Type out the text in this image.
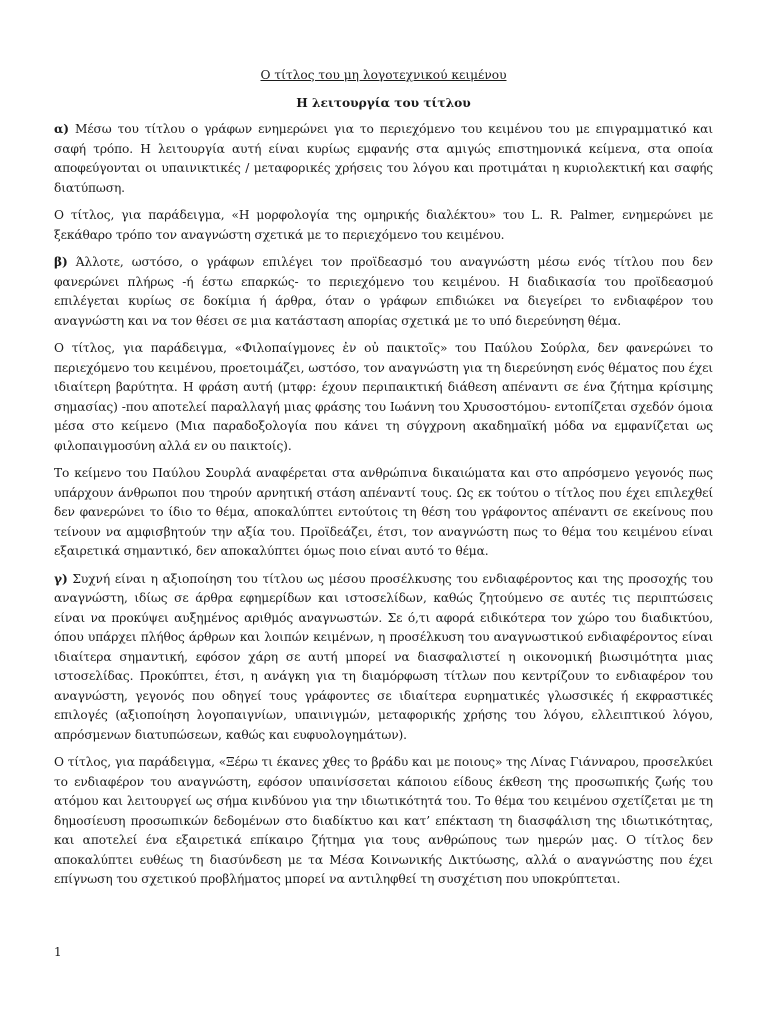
Ο τίτλος του μη λογοτεχνικού κειμένου
Η λειτουργία του τίτλου

α) Μέσω του τίτλου ο γράφων ενημερώνει για το περιεχόμενο του κειμένου του με επιγραμματικό και σαφή τρόπο. Η λειτουργία αυτή είναι κυρίως εμφανής στα αμιγώς επιστημονικά κείμενα, στα οποία αποφεύγονται οι υπαινικτικές / μεταφορικές χρήσεις του λόγου και προτιμάται η κυριολεκτική και σαφής διατύπωση.

Ο τίτλος, για παράδειγμα, «Η μορφολογία της ομηρικής διαλέκτου» του L. R. Palmer, ενημερώνει με ξεκάθαρο τρόπο τον αναγνώστη σχετικά με το περιεχόμενο του κειμένου.

β) Άλλοτε, ωστόσο, ο γράφων επιλέγει τον προϊδεασμό του αναγνώστη μέσω ενός τίτλου που δεν φανερώνει πλήρως -ή έστω επαρκώς- το περιεχόμενο του κειμένου. Η διαδικασία του προϊδεασμού επιλέγεται κυρίως σε δοκίμια ή άρθρα, όταν ο γράφων επιδιώκει να διεγείρει το ενδιαφέρον του αναγνώστη και να τον θέσει σε μια κατάσταση απορίας σχετικά με το υπό διερεύνηση θέμα.

Ο τίτλος, για παράδειγμα, «Φιλοπαίγμονες ἐν οὐ παικτοῖς» του Παύλου Σούρλα, δεν φανερώνει το περιεχόμενο του κειμένου, προετοιμάζει, ωστόσο, τον αναγνώστη για τη διερεύνηση ενός θέματος που έχει ιδιαίτερη βαρύτητα. Η φράση αυτή (μτφρ: έχουν περιπαικτική διάθεση απέναντι σε ένα ζήτημα κρίσιμης σημασίας) -που αποτελεί παραλλαγή μιας φράσης του Ιωάννη του Χρυσοστόμου- εντοπίζεται σχεδόν όμοια μέσα στο κείμενο (Μια παραδοξολογία που κάνει τη σύγχρονη ακαδημαϊκή μόδα να εμφανίζεται ως φιλοπαιγμοσύνη αλλά εν ου παικτοίς).

Το κείμενο του Παύλου Σουρλά αναφέρεται στα ανθρώπινα δικαιώματα και στο απρόσμενο γεγονός πως υπάρχουν άνθρωποι που τηρούν αρνητική στάση απέναντί τους. Ως εκ τούτου ο τίτλος που έχει επιλεχθεί δεν φανερώνει το ίδιο το θέμα, αποκαλύπτει εντούτοις τη θέση του γράφοντος απέναντι σε εκείνους που τείνουν να αμφισβητούν την αξία του. Προϊδεάζει, έτσι, τον αναγνώστη πως το θέμα του κειμένου είναι εξαιρετικά σημαντικό, δεν αποκαλύπτει όμως ποιο είναι αυτό το θέμα.

γ) Συχνή είναι η αξιοποίηση του τίτλου ως μέσου προσέλκυσης του ενδιαφέροντος και της προσοχής του αναγνώστη, ιδίως σε άρθρα εφημερίδων και ιστοσελίδων, καθώς ζητούμενο σε αυτές τις περιπτώσεις είναι να προκύψει αυξημένος αριθμός αναγνωστών. Σε ό,τι αφορά ειδικότερα τον χώρο του διαδικτύου, όπου υπάρχει πλήθος άρθρων και λοιπών κειμένων, η προσέλκυση του αναγνωστικού ενδιαφέροντος είναι ιδιαίτερα σημαντική, εφόσον χάρη σε αυτή μπορεί να διασφαλιστεί η οικονομική βιωσιμότητα μιας ιστοσελίδας. Προκύπτει, έτσι, η ανάγκη για τη διαμόρφωση τίτλων που κεντρίζουν το ενδιαφέρον του αναγνώστη, γεγονός που οδηγεί τους γράφοντες σε ιδιαίτερα ευρηματικές γλωσσικές ή εκφραστικές επιλογές (αξιοποίηση λογοπαιγνίων, υπαινιγμών, μεταφορικής χρήσης του λόγου, ελλειπτικού λόγου, απρόσμενων διατυπώσεων, καθώς και ευφυολογημάτων).

Ο τίτλος, για παράδειγμα, «Ξέρω τι έκανες χθες το βράδυ και με ποιους» της Λίνας Γιάνναρου, προσελκύει το ενδιαφέρον του αναγνώστη, εφόσον υπαινίσσεται κάποιου είδους έκθεση της προσωπικής ζωής του ατόμου και λειτουργεί ως σήμα κινδύνου για την ιδιωτικότητά του. Το θέμα του κειμένου σχετίζεται με τη δημοσίευση προσωπικών δεδομένων στο διαδίκτυο και κατ’ επέκταση τη διασφάλιση της ιδιωτικότητας, και αποτελεί ένα εξαιρετικά επίκαιρο ζήτημα για τους ανθρώπους των ημερών μας. Ο τίτλος δεν αποκαλύπτει ευθέως τη διασύνδεση με τα Μέσα Κοινωνικής Δικτύωσης, αλλά ο αναγνώστης που έχει επίγνωση του σχετικού προβλήματος μπορεί να αντιληφθεί τη συσχέτιση που υποκρύπτεται.

1
